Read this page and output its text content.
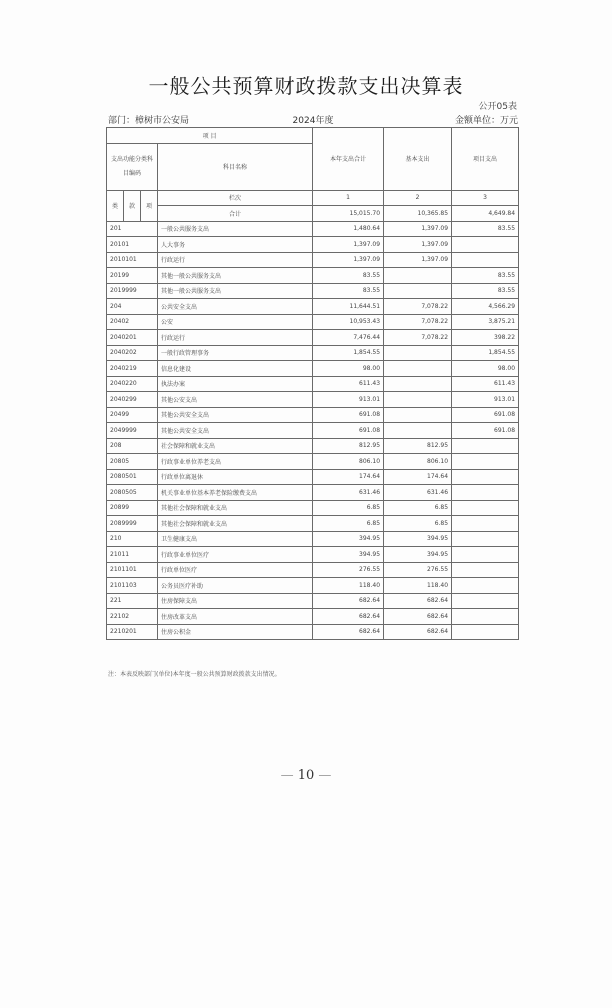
一般公共预算财政拨款支出决算表
公开05表
部门：樟树市公安局	2024年度	金额单位：万元
项 目				本年支出合计	基本支出	项目支出
支出功能分类科目编码			科目名称			
类	款	项	栏次	1	2	3
			合计	15,015.70	10,365.85	4,649.84
201			一般公共服务支出	1,480.64	1,397.09	83.55
20101			人大事务	1,397.09	1,397.09	
2010101			行政运行	1,397.09	1,397.09	
20199			其他一般公共服务支出	83.55		83.55
2019999			其他一般公共服务支出	83.55		83.55
204			公共安全支出	11,644.51	7,078.22	4,566.29
20402			公安	10,953.43	7,078.22	3,875.21
2040201			行政运行	7,476.44	7,078.22	398.22
2040202			一般行政管理事务	1,854.55		1,854.55
2040219			信息化建设	98.00		98.00
2040220			执法办案	611.43		611.43
2040299			其他公安支出	913.01		913.01
20499			其他公共安全支出	691.08		691.08
2049999			其他公共安全支出	691.08		691.08
208			社会保障和就业支出	812.95	812.95	
20805			行政事业单位养老支出	806.10	806.10	
2080501			行政单位离退休	174.64	174.64	
2080505			机关事业单位基本养老保险缴费支出	631.46	631.46	
20899			其他社会保障和就业支出	6.85	6.85	
2089999			其他社会保障和就业支出	6.85	6.85	
210			卫生健康支出	394.95	394.95	
21011			行政事业单位医疗	394.95	394.95	
2101101			行政单位医疗	276.55	276.55	
2101103			公务员医疗补助	118.40	118.40	
221			住房保障支出	682.64	682.64	
22102			住房改革支出	682.64	682.64	
2210201			住房公积金	682.64	682.64	
注：本表反映部门(单位)本年度一般公共预算财政拨款支出情况。
— 10 —
